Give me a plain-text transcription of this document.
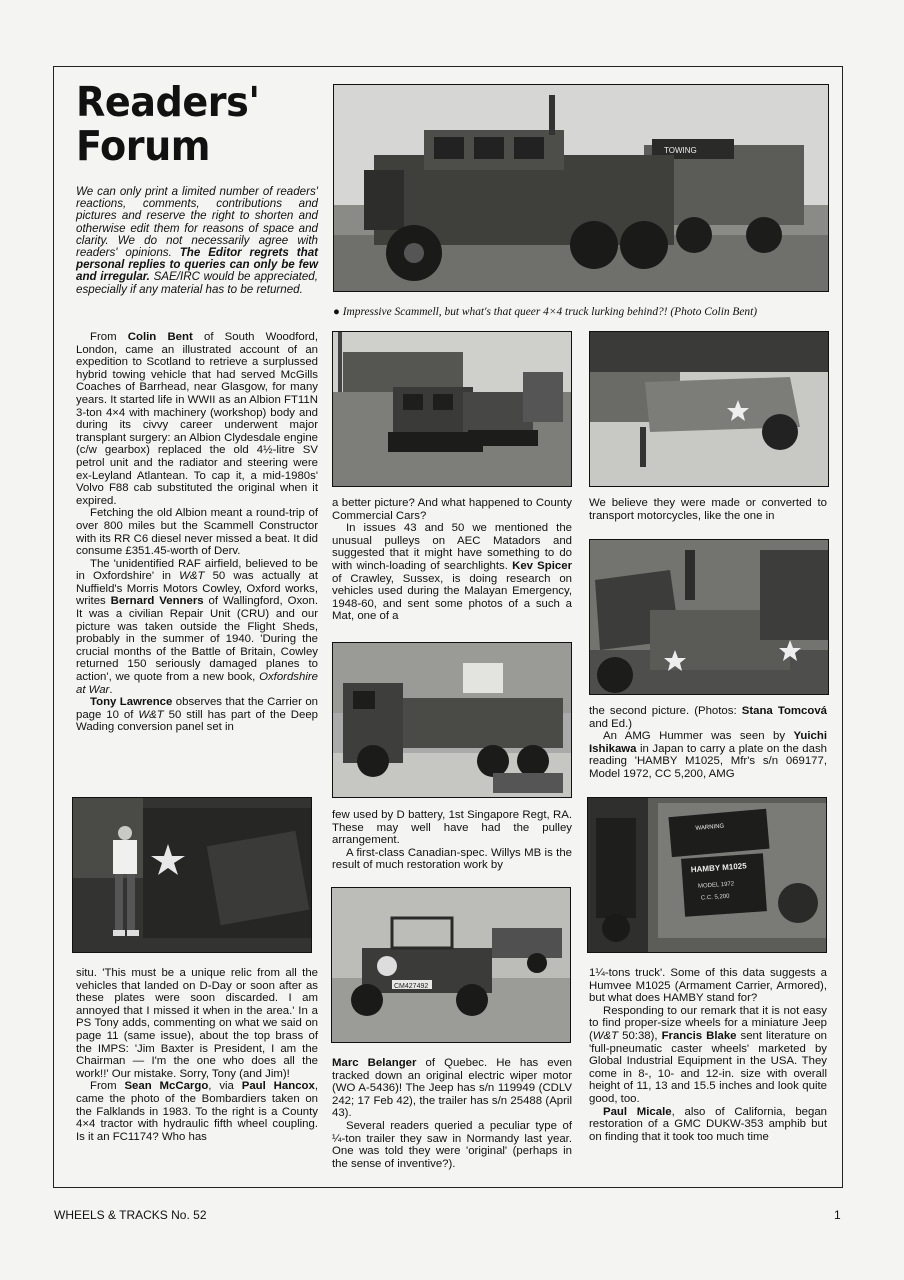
Readers'
Forum

We can only print a limited number of readers' reactions, comments, contributions and pictures and reserve the right to shorten and otherwise edit them for reasons of space and clarity. We do not necessarily agree with readers' opinions. The Editor regrets that personal replies to queries can only be few and irregular. SAE/IRC would be appreciated, especially if any material has to be returned.

TOWING
● Impressive Scammell, but what's that queer 4×4 truck lurking behind?! (Photo Colin Bent)

From Colin Bent of South Woodford, London, came an illustrated account of an expedition to Scotland to retrieve a surplussed hybrid towing vehicle that had served McGills Coaches of Barrhead, near Glasgow, for many years. It started life in WWII as an Albion FT11N 3-ton 4×4 with machinery (workshop) body and during its civvy career underwent major transplant surgery: an Albion Clydesdale engine (c/w gearbox) replaced the old 4½-litre SV petrol unit and the radiator and steering were ex-Leyland Atlantean. To cap it, a mid-1980s' Volvo F88 cab substituted the original when it expired.

Fetching the old Albion meant a round-trip of over 800 miles but the Scammell Constructor with its RR C6 diesel never missed a beat. It did consume £351.45-worth of Derv.

The 'unidentified RAF airfield, believed to be in Oxfordshire' in W&T 50 was actually at Nuffield's Morris Motors Cowley, Oxford works, writes Bernard Venners of Wallingford, Oxon. It was a civilian Repair Unit (CRU) and our picture was taken outside the Flight Sheds, probably in the summer of 1940. 'During the crucial months of the Battle of Britain, Cowley returned 150 seriously damaged planes to action', we quote from a new book, Oxfordshire at War.

Tony Lawrence observes that the Carrier on page 10 of W&T 50 still has part of the Deep Wading conversion panel set in

situ. 'This must be a unique relic from all the vehicles that landed on D-Day or soon after as these plates were soon discarded. I am annoyed that I missed it when in the area.' In a PS Tony adds, commenting on what we said on page 11 (same issue), about the top brass of the IMPS: 'Jim Baxter is President, I am the Chairman — I'm the one who does all the work!!' Our mistake. Sorry, Tony (and Jim)!

From Sean McCargo, via Paul Hancox, came the photo of the Bombardiers taken on the Falklands in 1983. To the right is a County 4×4 tractor with hydraulic fifth wheel coupling. Is it an FC1174? Who has

a better picture? And what happened to County Commercial Cars?

In issues 43 and 50 we mentioned the unusual pulleys on AEC Matadors and suggested that it might have something to do with winch-loading of searchlights. Kev Spicer of Crawley, Sussex, is doing research on vehicles used during the Malayan Emergency, 1948-60, and sent some photos of a such a Mat, one of a

few used by D battery, 1st Singapore Regt, RA. These may well have had the pulley arrangement.

A first-class Canadian-spec. Willys MB is the result of much restoration work by

CM427492

Marc Belanger of Quebec. He has even tracked down an original electric wiper motor (WO A-5436)! The Jeep has s/n 119949 (CDLV 242; 17 Feb 42), the trailer has s/n 25488 (April 43).

Several readers queried a peculiar type of ¼-ton trailer they saw in Normandy last year. One was told they were 'original' (perhaps in the sense of inventive?).

We believe they were made or converted to transport motorcycles, like the one in

the second picture. (Photos: Stana Tomcová and Ed.)

An AMG Hummer was seen by Yuichi Ishikawa in Japan to carry a plate on the dash reading 'HAMBY M1025, Mfr's s/n 069177, Model 1972, CC 5,200, AMG

WARNING
HAMBY M1025
MODEL 1972
C.C. 5,200

1¼-tons truck'. Some of this data suggests a Humvee M1025 (Armament Carrier, Armored), but what does HAMBY stand for?

Responding to our remark that it is not easy to find proper-size wheels for a miniature Jeep (W&T 50:38), Francis Blake sent literature on 'full-pneumatic caster wheels' marketed by Global Industrial Equipment in the USA. They come in 8-, 10- and 12-in. size with overall height of 11, 13 and 15.5 inches and look quite good, too.

Paul Micale, also of California, began restoration of a GMC DUKW-353 amphib but on finding that it took too much time

WHEELS & TRACKS No. 52	1
